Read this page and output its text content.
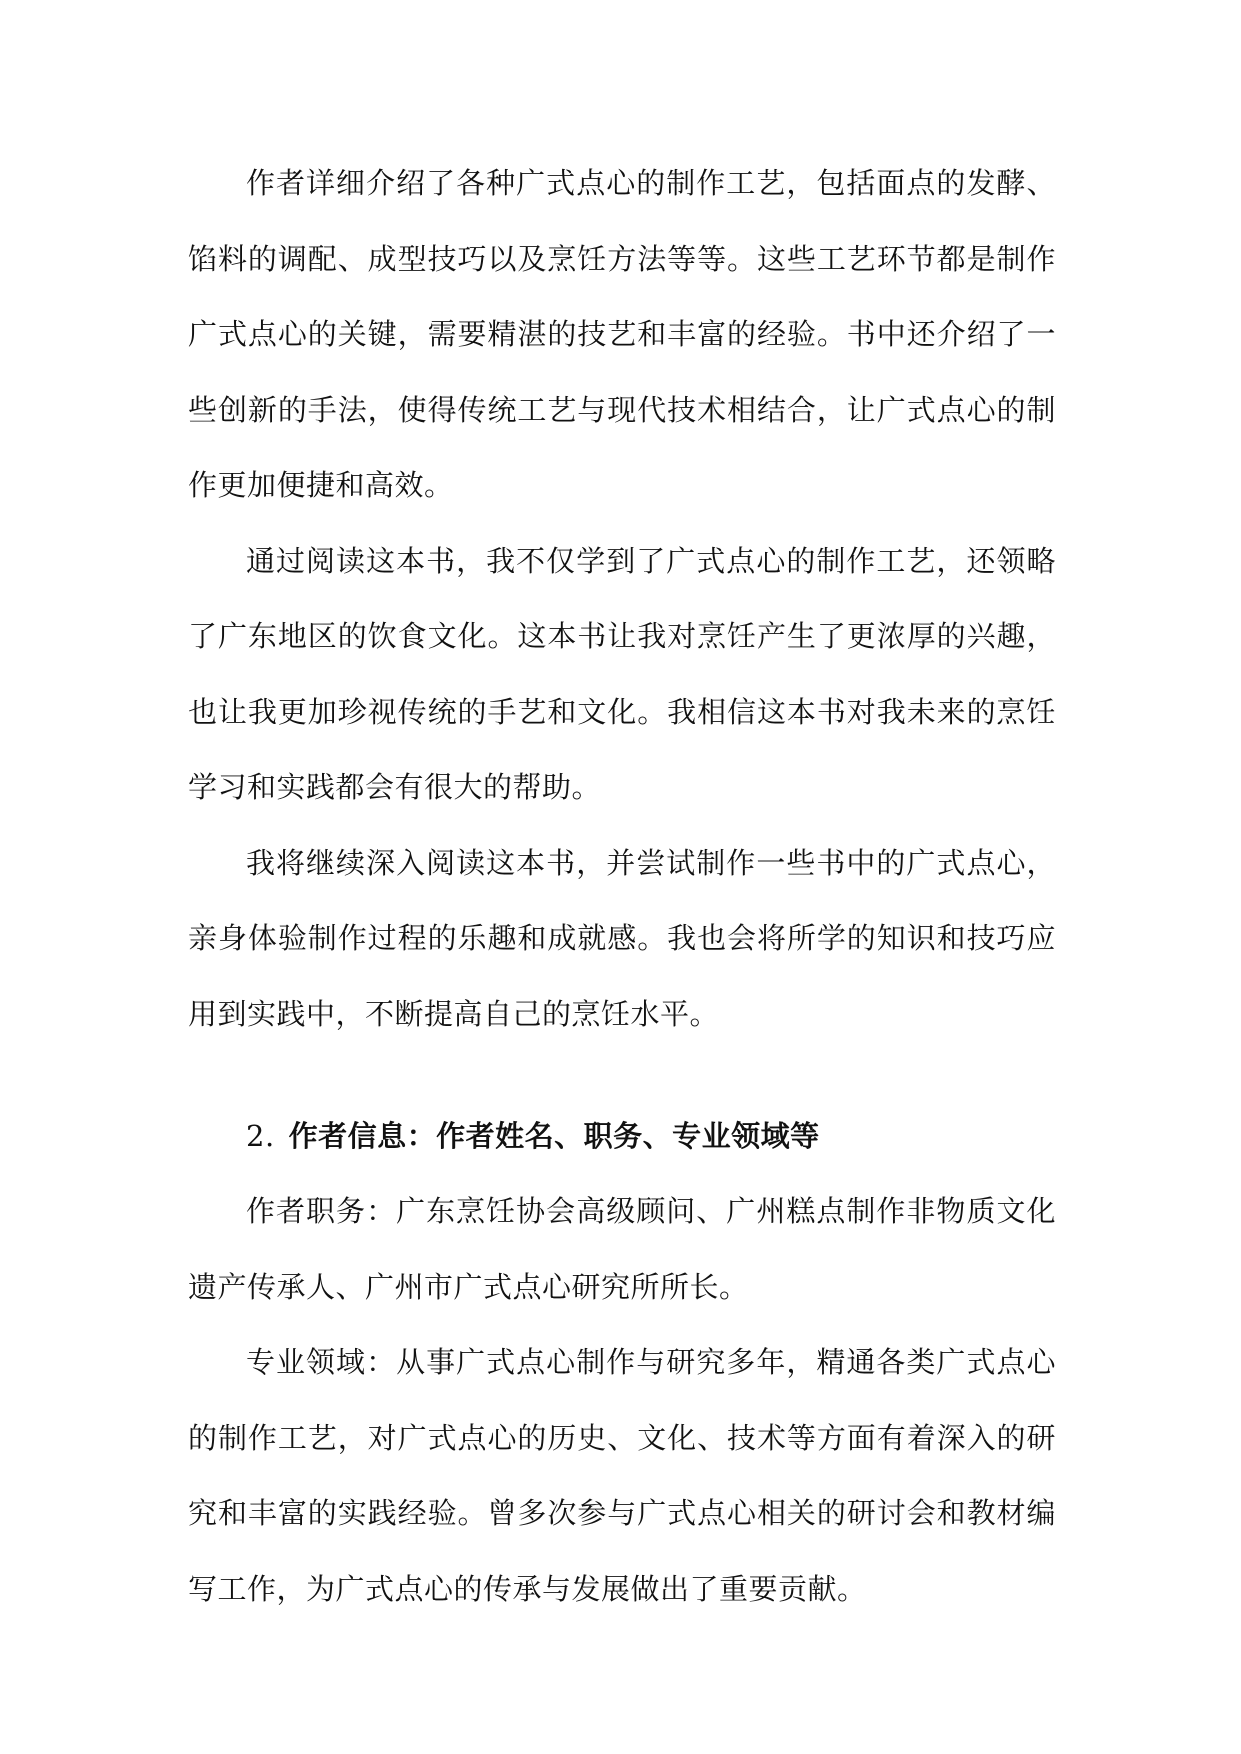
作者详细介绍了各种广式点心的制作工艺，包括面点的发酵、馅料的调配、成型技巧以及烹饪方法等等。这些工艺环节都是制作广式点心的关键，需要精湛的技艺和丰富的经验。书中还介绍了一些创新的手法，使得传统工艺与现代技术相结合，让广式点心的制作更加便捷和高效。

通过阅读这本书，我不仅学到了广式点心的制作工艺，还领略了广东地区的饮食文化。这本书让我对烹饪产生了更浓厚的兴趣，也让我更加珍视传统的手艺和文化。我相信这本书对我未来的烹饪学习和实践都会有很大的帮助。

我将继续深入阅读这本书，并尝试制作一些书中的广式点心，亲身体验制作过程的乐趣和成就感。我也会将所学的知识和技巧应用到实践中，不断提高自己的烹饪水平。

2. 作者信息：作者姓名、职务、专业领域等

作者职务：广东烹饪协会高级顾问、广州糕点制作非物质文化遗产传承人、广州市广式点心研究所所长。

专业领域：从事广式点心制作与研究多年，精通各类广式点心的制作工艺，对广式点心的历史、文化、技术等方面有着深入的研究和丰富的实践经验。曾多次参与广式点心相关的研讨会和教材编写工作，为广式点心的传承与发展做出了重要贡献。
